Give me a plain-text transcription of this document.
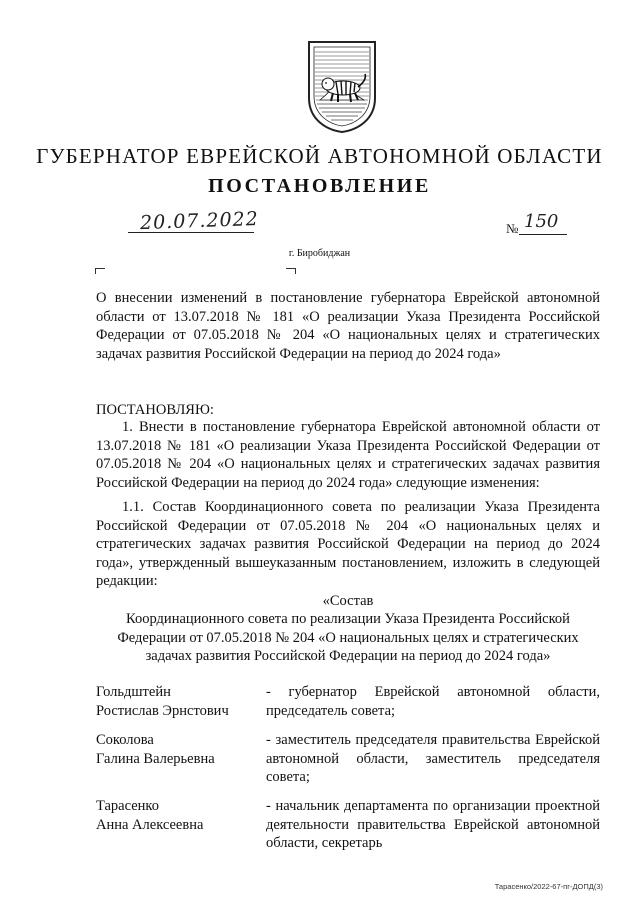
ГУБЕРНАТОР ЕВРЕЙСКОЙ АВТОНОМНОЙ ОБЛАСТИ
ПОСТАНОВЛЕНИЕ
20.07.2022	№ 150
г. Биробиджан
О внесении изменений в постановление губернатора Еврейской автономной области от 13.07.2018 № 181 «О реализации Указа Президента Российской Федерации от 07.05.2018 № 204 «О национальных целях и стратегических задачах развития Российской Федерации на период до 2024 года»
ПОСТАНОВЛЯЮ:
1. Внести в постановление губернатора Еврейской автономной области от 13.07.2018 № 181 «О реализации Указа Президента Российской Федерации от 07.05.2018 № 204 «О национальных целях и стратегических задачах развития Российской Федерации на период до 2024 года» следующие изменения:
1.1. Состав Координационного совета по реализации Указа Президента Российской Федерации от 07.05.2018 № 204 «О национальных целях и стратегических задачах развития Российской Федерации на период до 2024 года», утвержденный вышеуказанным постановлением, изложить в следующей редакции:
«Состав
Координационного совета по реализации Указа Президента Российской Федерации от 07.05.2018 № 204 «О национальных целях и стратегических задачах развития Российской Федерации на период до 2024 года»
Гольдштейн
Ростислав Эрнстович
- губернатор Еврейской автономной области, председатель совета;
Соколова
Галина Валерьевна
- заместитель председателя правительства Еврейской автономной области, заместитель председателя совета;
Тарасенко
Анна Алексеевна
- начальник департамента по организации проектной деятельности правительства Еврейской автономной области, секретарь
Тарасенко/2022-67-пг-ДОПД(3)
